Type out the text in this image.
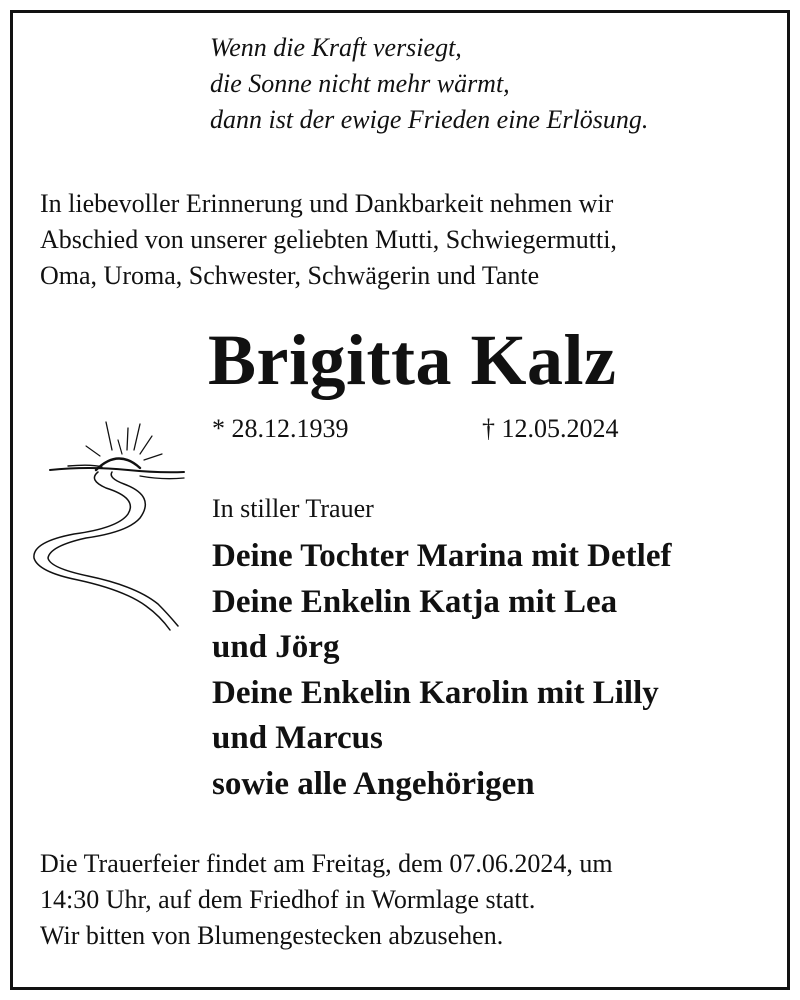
Wenn die Kraft versiegt,
die Sonne nicht mehr wärmt,
dann ist der ewige Frieden eine Erlösung.
In liebevoller Erinnerung und Dankbarkeit nehmen wir
Abschied von unserer geliebten Mutti, Schwiegermutti,
Oma, Uroma, Schwester, Schwägerin und Tante
Brigitta Kalz
* 28.12.1939	† 12.05.2024
In stiller Trauer
Deine Tochter Marina mit Detlef
Deine Enkelin Katja mit Lea
und Jörg
Deine Enkelin Karolin mit Lilly
und Marcus
sowie alle Angehörigen
Die Trauerfeier findet am Freitag, dem 07.06.2024, um
14:30 Uhr, auf dem Friedhof in Wormlage statt.
Wir bitten von Blumengestecken abzusehen.
